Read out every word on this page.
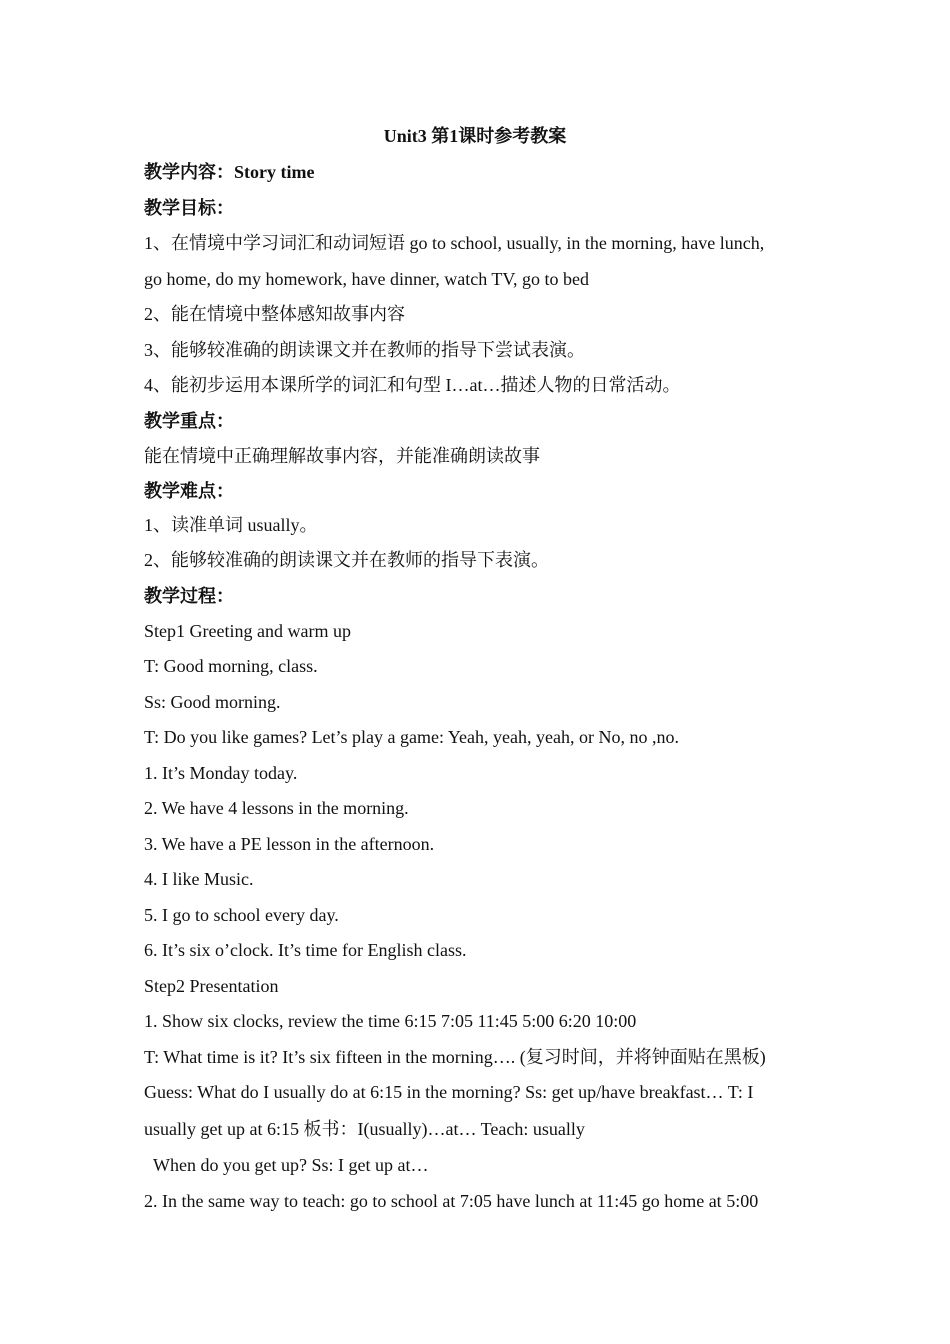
Unit3 第1课时参考教案
教学内容：Story time
教学目标：
1、在情境中学习词汇和动词短语 go to school, usually, in the morning, have lunch,
go home, do my homework, have dinner, watch TV, go to bed
2、能在情境中整体感知故事内容
3、能够较准确的朗读课文并在教师的指导下尝试表演。
4、能初步运用本课所学的词汇和句型 I…at…描述人物的日常活动。
教学重点：
能在情境中正确理解故事内容，并能准确朗读故事
教学难点：
1、读准单词 usually。
2、能够较准确的朗读课文并在教师的指导下表演。
教学过程：
Step1 Greeting and warm up
T: Good morning, class.
Ss: Good morning.
T: Do you like games? Let’s play a game: Yeah, yeah, yeah, or No, no ,no.
1. It’s Monday today.
2. We have 4 lessons in the morning.
3. We have a PE lesson in the afternoon.
4. I like Music.
5. I go to school every day.
6. It’s six o’clock. It’s time for English class.
Step2 Presentation
1. Show six clocks, review the time 6:15 7:05 11:45 5:00 6:20 10:00
T: What time is it? It’s six fifteen in the morning…. (复习时间，并将钟面贴在黑板)
Guess: What do I usually do at 6:15 in the morning? Ss: get up/have breakfast… T: I
usually get up at 6:15 板书：I(usually)…at… Teach: usually
When do you get up? Ss: I get up at…
2. In the same way to teach: go to school at 7:05 have lunch at 11:45 go home at 5:00
